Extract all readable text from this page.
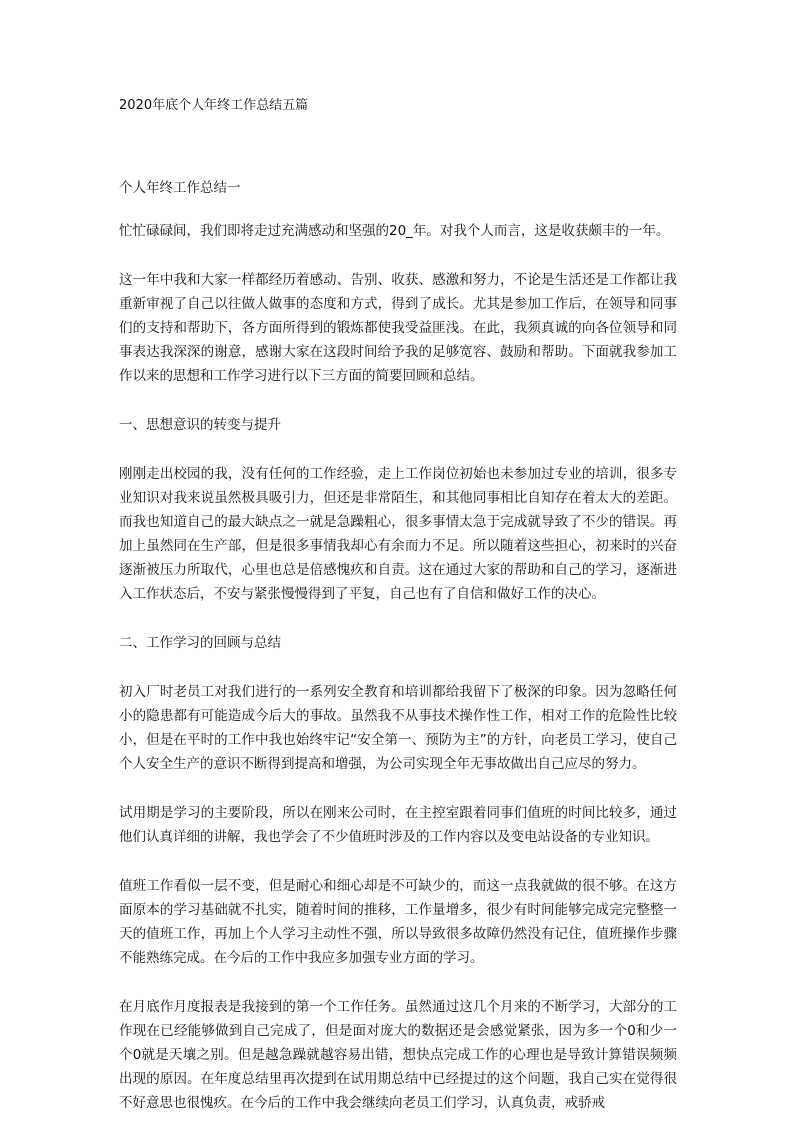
2020年底个人年终工作总结五篇
个人年终工作总结一

忙忙碌碌间，我们即将走过充满感动和坚强的20_年。对我个人而言，这是收获颇丰的一年。

这一年中我和大家一样都经历着感动、告别、收获、感激和努力，不论是生活还是工作都让我重新审视了自己以往做人做事的态度和方式，得到了成长。尤其是参加工作后，在领导和同事们的支持和帮助下，各方面所得到的锻炼都使我受益匪浅。在此，我须真诚的向各位领导和同事表达我深深的谢意，感谢大家在这段时间给予我的足够宽容、鼓励和帮助。下面就我参加工作以来的思想和工作学习进行以下三方面的简要回顾和总结。

一、思想意识的转变与提升

刚刚走出校园的我，没有任何的工作经验，走上工作岗位初始也未参加过专业的培训，很多专业知识对我来说虽然极具吸引力，但还是非常陌生，和其他同事相比自知存在着太大的差距。而我也知道自己的最大缺点之一就是急躁粗心，很多事情太急于完成就导致了不少的错误。再加上虽然同在生产部，但是很多事情我却心有余而力不足。所以随着这些担心，初来时的兴奋逐渐被压力所取代，心里也总是倍感愧疚和自责。这在通过大家的帮助和自己的学习，逐渐进入工作状态后，不安与紧张慢慢得到了平复，自己也有了自信和做好工作的决心。

二、工作学习的回顾与总结

初入厂时老员工对我们进行的一系列安全教育和培训都给我留下了极深的印象。因为忽略任何小的隐患都有可能造成今后大的事故。虽然我不从事技术操作性工作，相对工作的危险性比较小，但是在平时的工作中我也始终牢记“安全第一、预防为主”的方针，向老员工学习，使自己个人安全生产的意识不断得到提高和增强，为公司实现全年无事故做出自己应尽的努力。

试用期是学习的主要阶段，所以在刚来公司时，在主控室跟着同事们值班的时间比较多，通过他们认真详细的讲解，我也学会了不少值班时涉及的工作内容以及变电站设备的专业知识。

值班工作看似一层不变，但是耐心和细心却是不可缺少的，而这一点我就做的很不够。在这方面原本的学习基础就不扎实，随着时间的推移，工作量增多，很少有时间能够完成完完整整一天的值班工作，再加上个人学习主动性不强，所以导致很多故障仍然没有记住，值班操作步骤不能熟练完成。在今后的工作中我应多加强专业方面的学习。

在月底作月度报表是我接到的第一个工作任务。虽然通过这几个月来的不断学习，大部分的工作现在已经能够做到自己完成了，但是面对庞大的数据还是会感觉紧张，因为多一个0和少一个0就是天壤之别。但是越急躁就越容易出错，想快点完成工作的心理也是导致计算错误频频出现的原因。在年度总结里再次提到在试用期总结中已经提过的这个问题，我自己实在觉得很不好意思也很愧疚。在今后的工作中我会继续向老员工们学习，认真负责，戒骄戒
